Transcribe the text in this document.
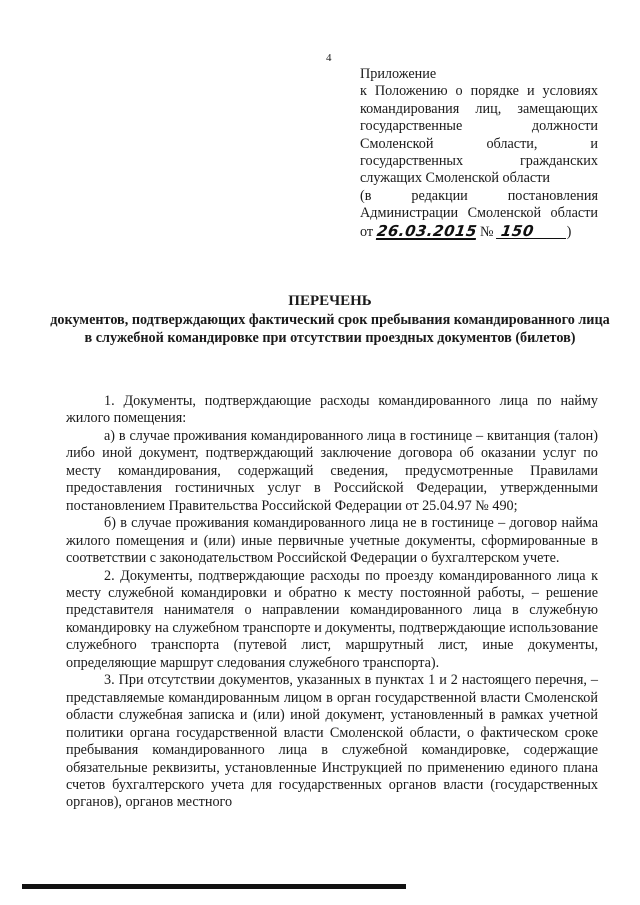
4
Приложение
к Положению о порядке и условиях
командирования лиц, замещающих
государственные должности
Смоленской области, и
государственных гражданских
служащих Смоленской области
(в редакции постановления
Администрации Смоленской области
от 26.03.2015 № 150	)
ПЕРЕЧЕНЬ
документов, подтверждающих фактический срок пребывания командированного лица в служебной командировке при отсутствии проездных документов (билетов)

1. Документы, подтверждающие расходы командированного лица по найму жилого помещения:

а) в случае проживания командированного лица в гостинице – квитанция (талон) либо иной документ, подтверждающий заключение договора об оказании услуг по месту командирования, содержащий сведения, предусмотренные Правилами предоставления гостиничных услуг в Российской Федерации, утвержденными постановлением Правительства Российской Федерации от 25.04.97 № 490;

б) в случае проживания командированного лица не в гостинице – договор найма жилого помещения и (или) иные первичные учетные документы, сформированные в соответствии с законодательством Российской Федерации о бухгалтерском учете.

2. Документы, подтверждающие расходы по проезду командированного лица к месту служебной командировки и обратно к месту постоянной работы, – решение представителя нанимателя о направлении командированного лица в служебную командировку на служебном транспорте и документы, подтверждающие использование служебного транспорта (путевой лист, маршрутный лист, иные документы, определяющие маршрут следования служебного транспорта).

3. При отсутствии документов, указанных в пунктах 1 и 2 настоящего перечня, – представляемые командированным лицом в орган государственной власти Смоленской области служебная записка и (или) иной документ, установленный в рамках учетной политики органа государственной власти Смоленской области, о фактическом сроке пребывания командированного лица в служебной командировке, содержащие обязательные реквизиты, установленные Инструкцией по применению единого плана счетов бухгалтерского учета для государственных органов власти (государственных органов), органов местного
